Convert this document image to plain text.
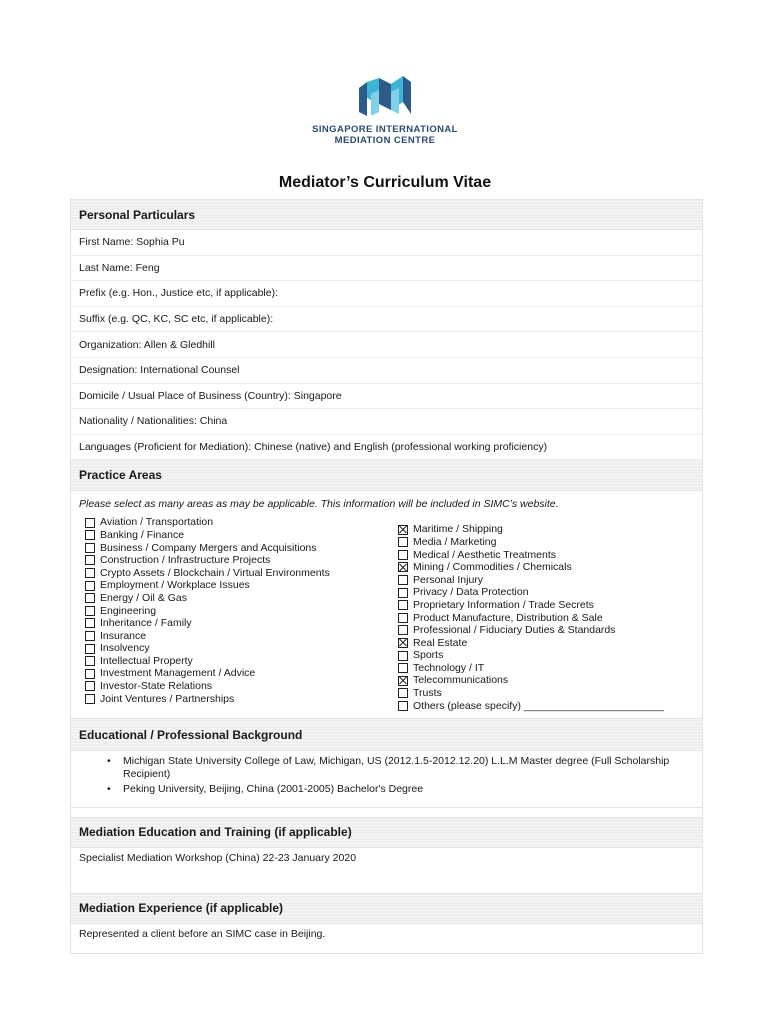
SINGAPORE INTERNATIONAL
MEDIATION CENTRE
Mediator’s Curriculum Vitae
Personal Particulars
First Name: Sophia Pu
Last Name: Feng
Prefix (e.g. Hon., Justice etc, if applicable):
Suffix (e.g. QC, KC, SC etc, if applicable):
Organization: Allen & Gledhill
Designation: International Counsel
Domicile / Usual Place of Business (Country): Singapore
Nationality / Nationalities: China
Languages (Proficient for Mediation): Chinese (native) and English (professional working proficiency)
Practice Areas
Please select as many areas as may be applicable. This information will be included in SIMC’s website.
Aviation / Transportation
Banking / Finance
Business / Company Mergers and Acquisitions
Construction / Infrastructure Projects
Crypto Assets / Blockchain / Virtual Environments
Employment / Workplace Issues
Energy / Oil & Gas
Engineering
Inheritance / Family
Insurance
Insolvency
Intellectual Property
Investment Management / Advice
Investor-State Relations
Joint Ventures / Partnerships
Maritime / Shipping
Media / Marketing
Medical / Aesthetic Treatments
Mining / Commodities / Chemicals
Personal Injury
Privacy / Data Protection
Proprietary Information / Trade Secrets
Product Manufacture, Distribution & Sale
Professional / Fiduciary Duties & Standards
Real Estate
Sports
Technology / IT
Telecommunications
Trusts
Others (please specify) ________________________
Educational / Professional Background
•	Michigan State University College of Law, Michigan, US (2012.1.5-2012.12.20) L.L.M Master degree (Full Scholarship Recipient)
•	Peking University, Beijing, China (2001-2005) Bachelor's Degree
Mediation Education and Training (if applicable)
Specialist Mediation Workshop (China) 22-23 January 2020
Mediation Experience (if applicable)
Represented a client before an SIMC case in Beijing.
